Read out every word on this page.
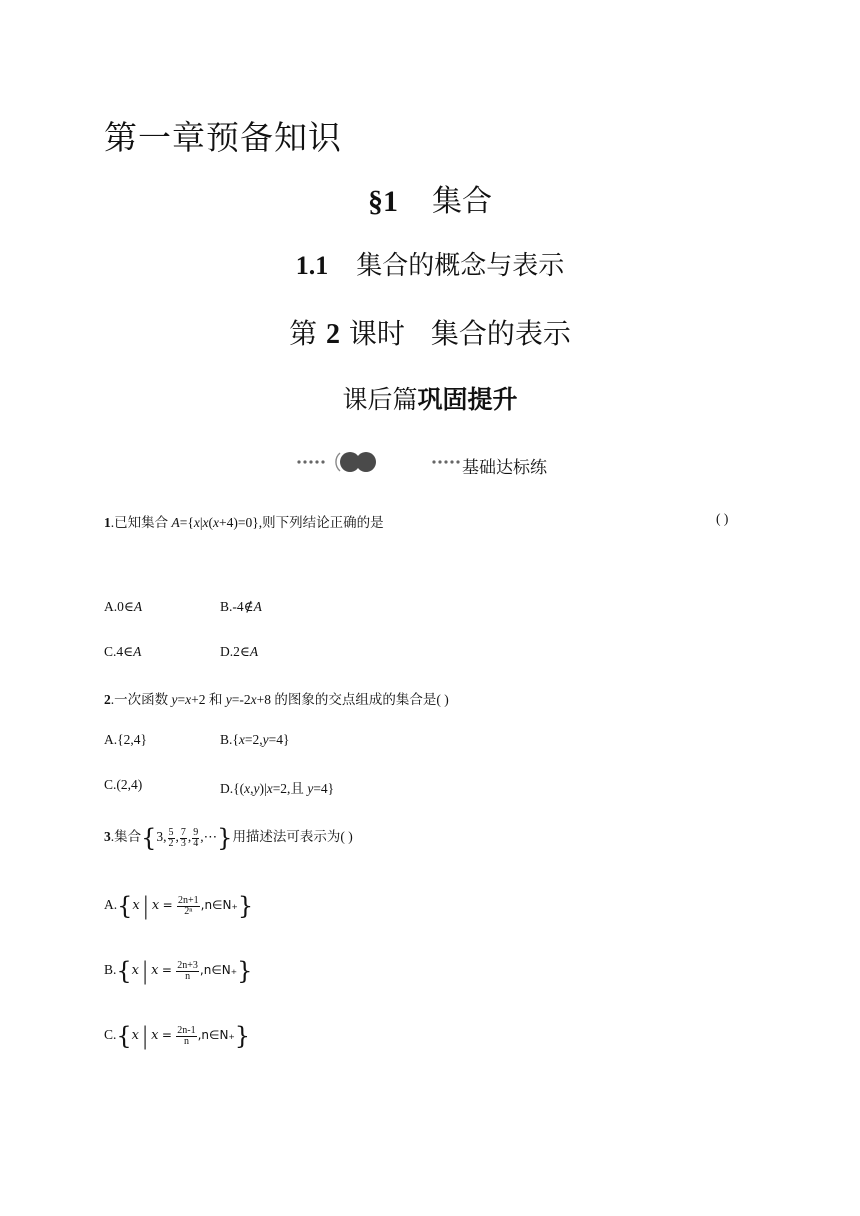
第一章预备知识
§1 集合
1.1 集合的概念与表示
第 2 课时 集合的表示
课后篇巩固提升
基础达标练
1.已知集合 A={x|x(x+4)=0},则下列结论正确的是	( )
A.0∈A	B.-4∉A
C.4∈A	D.2∈A
2.一次函数 y=x+2 和 y=-2x+8 的图象的交点组成的集合是( )
A.{2,4}	B.{x=2,y=4}
C.(2,4)	D.{(x,y)|x=2,且 y=4}
3.集合{3, $\frac{5}{2}$ , $\frac{7}{3}$ , $\frac{9}{4}$ ,⋯}用描述法可表示为( )
A.{x| $x = \frac{2n+1}{\text{2ⁿ}}$ ,n∈N₊}
B.{x| $x = \frac{2n+3}{n}$ ,n∈N₊}
C.{x| $x = \frac{2n-1}{n}$ ,n∈N₊}
